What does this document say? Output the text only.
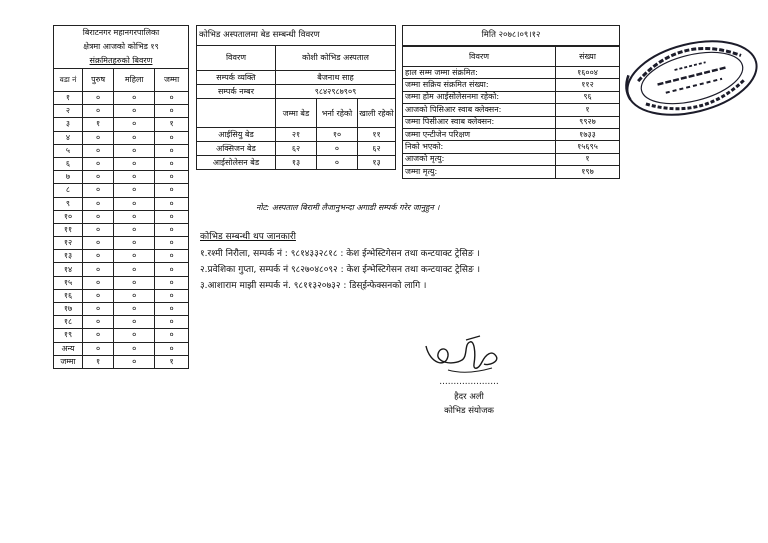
बिराटनगर महानगरपालिका
क्षेत्रमा आजको कोभिड १९
संक्रमितहरुको बिवरण			

वडा नं	पुरुष	महिला	जम्मा
१	०	०	०
२	०	०	०
३	१	०	१
४	०	०	०
५	०	०	०
६	०	०	०
७	०	०	०
८	०	०	०
९	०	०	०
१०	०	०	०
११	०	०	०
१२	०	०	०
१३	०	०	०
१४	०	०	०
१५	०	०	०
१६	०	०	०
१७	०	०	०
१८	०	०	०
१९	०	०	०
अन्य	०	०	०
जम्मा	१	०	१
कोभिड अस्पतालमा बेड सम्बन्धी विवरण			
विवरण	कोशी कोभिड अस्पताल		
सम्पर्क व्यक्ति	बैजनाथ साह		
सम्पर्क नम्बर	९८४२९८७९०९		
	जम्मा बेड	भर्ना रहेको	खाली रहेको
आईसियु बेड	२१	१०	११
अक्सिजन बेड	६२	०	६२
आईसोलेसन बेड	१३	०	१३
मिति २०७८।०९।१२
विवरण	संख्या
हाल सम्म जम्मा संक्रमित:	१६००४
जम्मा सक्रिय संक्रमित संख्या:	११२
जम्मा होम आईसोलेसनमा रहेको:	९६
आजको पिसिआर स्वाब क्लेक्सन:	१
जम्मा पिसीआर स्वाब क्लेक्सन:	९९२७
जम्मा एन्टीजेन परिक्षण	१७३३
निको भएको:	१५६९५
आजको मृत्यु:	१
जम्मा मृत्यु:	१९७
नोट: अस्पताल बिरामी लैजानुभन्दा अगाडी सम्पर्क गरेर जानुहुन ।
कोभिड सम्बन्धी थप जानकारी
१.रश्मी निरौला, सम्पर्क नं : ९८१४३३२८१८ : केश ईन्भेस्टिगेसन तथा कन्टयाक्ट ट्रेसिङ ।
२.प्रवेशिका गुप्ता, सम्पर्क नं ९८२७०४८०९२ : केश ईन्भेस्टिगेसन तथा कन्टयाक्ट ट्रेसिङ ।
३.आशाराम माझी सम्पर्क नं. ९८११३२०७३२ : डिस्ईन्फेक्सनको लागि ।
…………………
हैदर अली
कोभिड संयोजक
